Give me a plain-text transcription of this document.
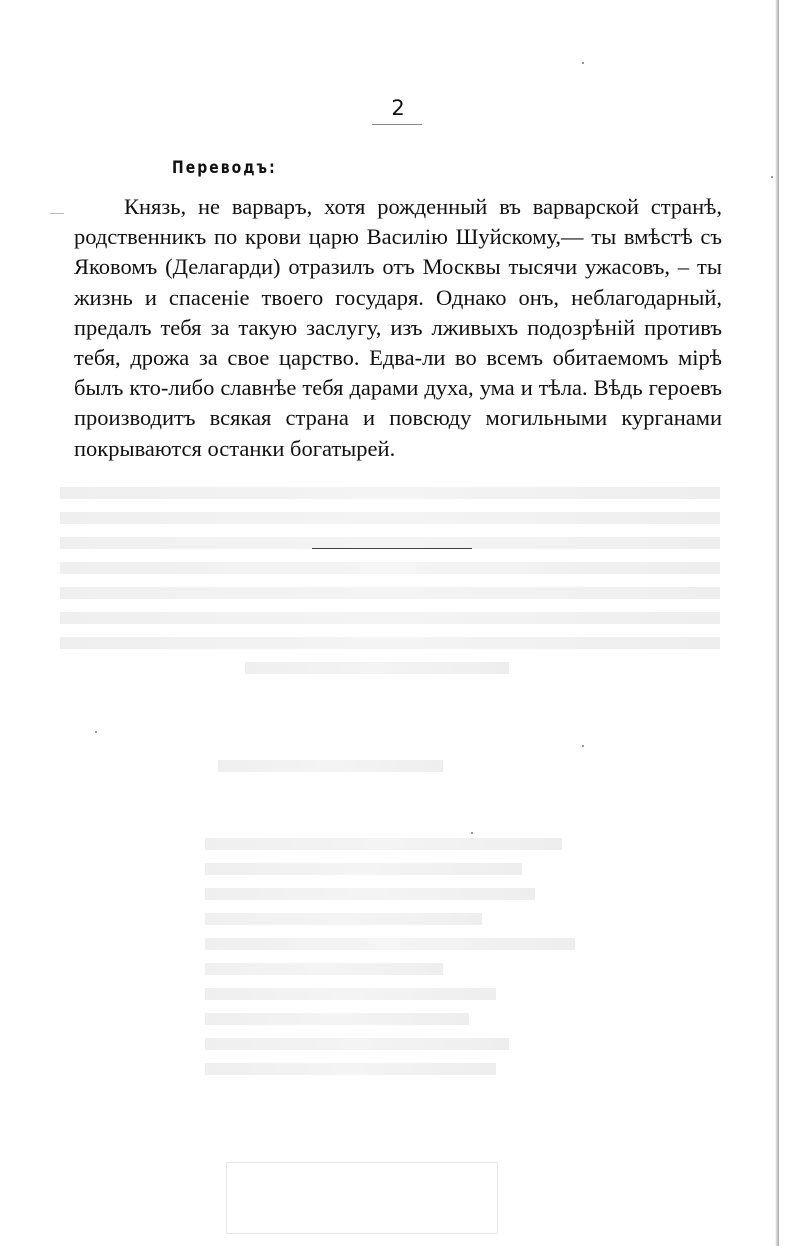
2
Переводъ:

Князь, не варваръ, хотя рожденный въ варварской странѣ, родственникъ по крови царю Василію Шуйскому,— ты вмѣстѣ съ Яковомъ (Делагарди) отразилъ отъ Москвы тысячи ужасовъ, – ты жизнь и спасеніе твоего государя. Однако онъ, неблагодарный, предалъ тебя за такую заслугу, изъ лживыхъ подозрѣній противъ тебя, дрожа за свое царство. Едва-ли во всемъ обитаемомъ мірѣ былъ кто-либо славнѣе тебя дарами духа, ума и тѣла. Вѣдь героевъ производитъ всякая страна и повсюду могильными курганами покрываются останки богатырей.
